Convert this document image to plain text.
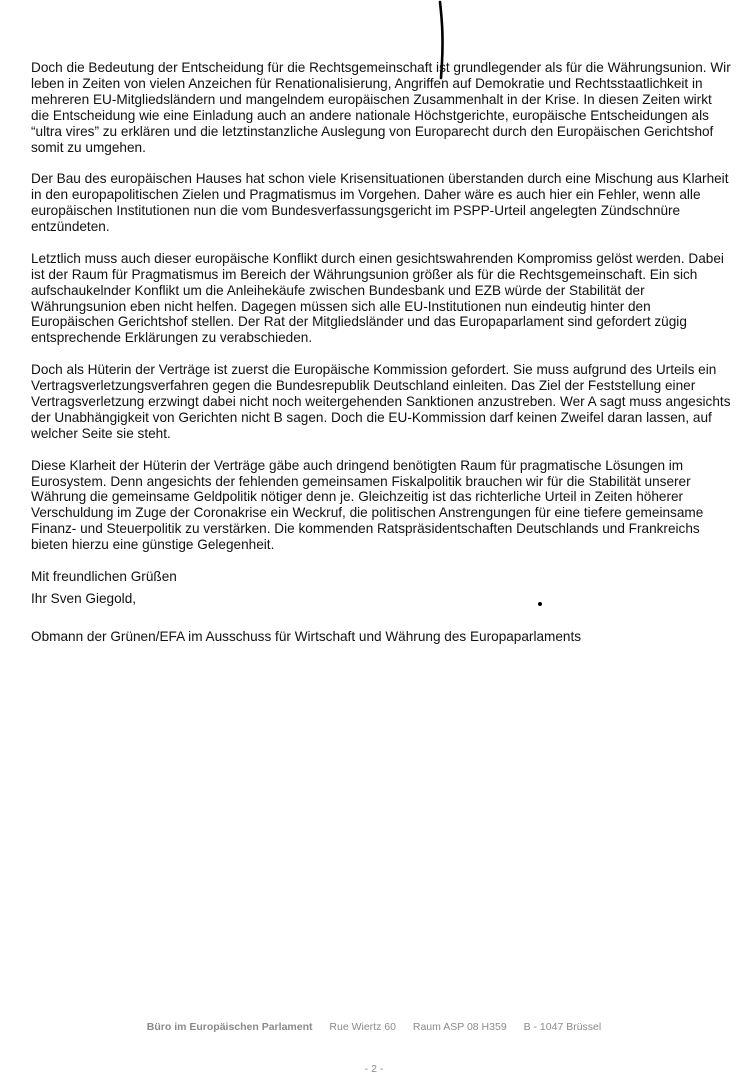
Doch die Bedeutung der Entscheidung für die Rechtsgemeinschaft ist grundlegender als für die Währungsunion. Wir leben in Zeiten von vielen Anzeichen für Renationalisierung, Angriffen auf Demokratie und Rechtsstaatlichkeit in mehreren EU-Mitgliedsländern und mangelndem europäischen Zusammenhalt in der Krise. In diesen Zeiten wirkt die Entscheidung wie eine Einladung auch an andere nationale Höchstgerichte, europäische Entscheidungen als “ultra vires” zu erklären und die letztinstanzliche Auslegung von Europarecht durch den Europäischen Gerichtshof somit zu umgehen.

Der Bau des europäischen Hauses hat schon viele Krisensituationen überstanden durch eine Mischung aus Klarheit in den europapolitischen Zielen und Pragmatismus im Vorgehen. Daher wäre es auch hier ein Fehler, wenn alle europäischen Institutionen nun die vom Bundesverfassungsgericht im PSPP-Urteil angelegten Zündschnüre entzündeten.

Letztlich muss auch dieser europäische Konflikt durch einen gesichtswahrenden Kompromiss gelöst werden. Dabei ist der Raum für Pragmatismus im Bereich der Währungsunion größer als für die Rechtsgemeinschaft. Ein sich aufschaukelnder Konflikt um die Anleihekäufe zwischen Bundesbank und EZB würde der Stabilität der Währungsunion eben nicht helfen. Dagegen müssen sich alle EU-Institutionen nun eindeutig hinter den Europäischen Gerichtshof stellen. Der Rat der Mitgliedsländer und das Europaparlament sind gefordert zügig entsprechende Erklärungen zu verabschieden.

Doch als Hüterin der Verträge ist zuerst die Europäische Kommission gefordert. Sie muss aufgrund des Urteils ein Vertragsverletzungsverfahren gegen die Bundesrepublik Deutschland einleiten. Das Ziel der Feststellung einer Vertragsverletzung erzwingt dabei nicht noch weitergehenden Sanktionen anzustreben. Wer A sagt muss angesichts der Unabhängigkeit von Gerichten nicht B sagen. Doch die EU-Kommission darf keinen Zweifel daran lassen, auf welcher Seite sie steht.

Diese Klarheit der Hüterin der Verträge gäbe auch dringend benötigten Raum für pragmatische Lösungen im Eurosystem. Denn angesichts der fehlenden gemeinsamen Fiskalpolitik brauchen wir für die Stabilität unserer Währung die gemeinsame Geldpolitik nötiger denn je. Gleichzeitig ist das richterliche Urteil in Zeiten höherer Verschuldung im Zuge der Coronakrise ein Weckruf, die politischen Anstrengungen für eine tiefere gemeinsame Finanz- und Steuerpolitik zu verstärken. Die kommenden Ratspräsidentschaften Deutschlands und Frankreichs bieten hierzu eine günstige Gelegenheit.

Mit freundlichen Grüßen

Ihr Sven Giegold,

Obmann der Grünen/EFA im Ausschuss für Wirtschaft und Währung des Europaparlaments

Büro im Europäischen Parlament Rue Wiertz 60 Raum ASP 08 H359 B - 1047 Brüssel
- 2 -
